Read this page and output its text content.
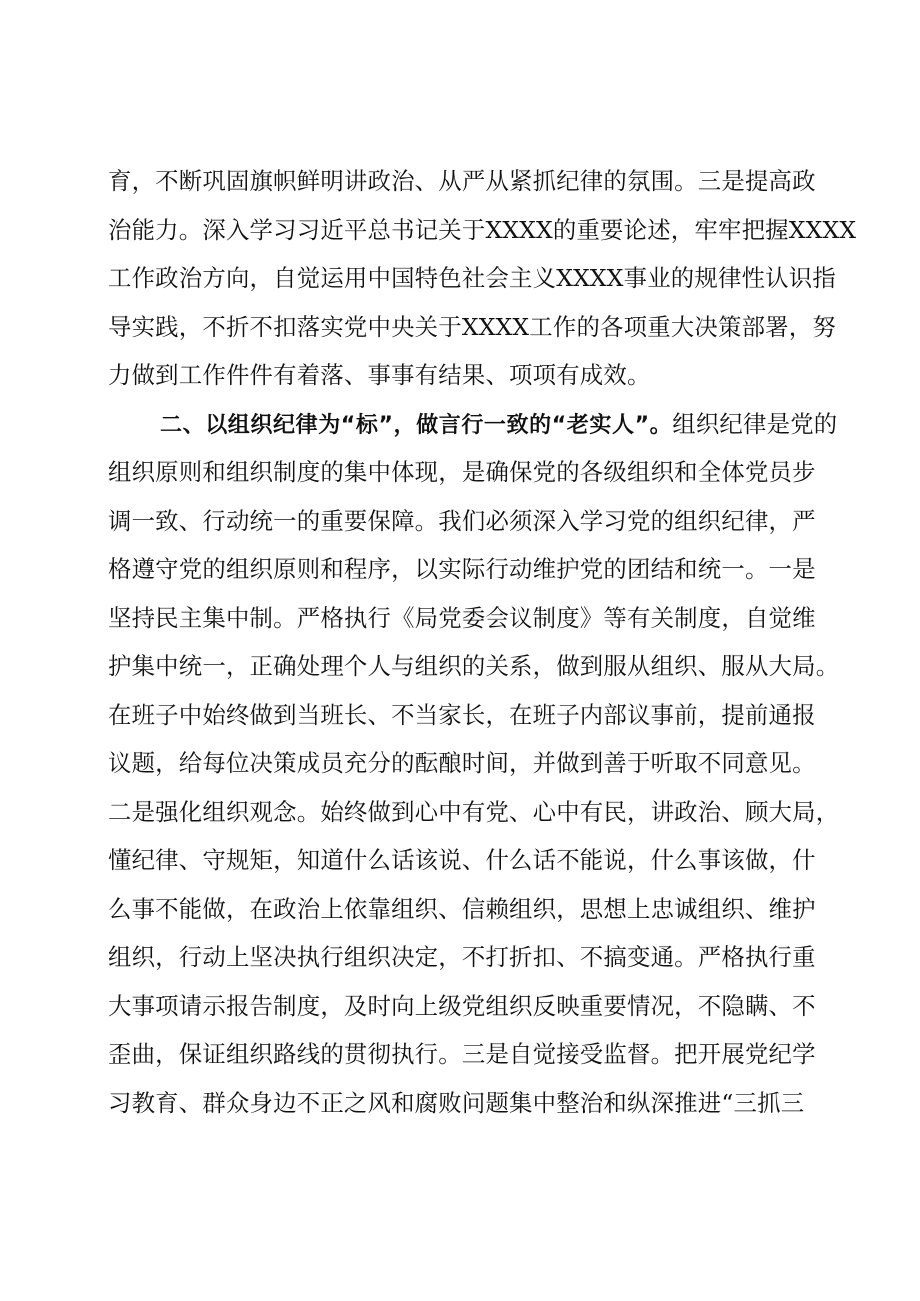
育，不断巩固旗帜鲜明讲政治、从严从紧抓纪律的氛围。三是提高政
治能力。深入学习习近平总书记关于XXXX的重要论述，牢牢把握XXXX
工作政治方向，自觉运用中国特色社会主义XXXX事业的规律性认识指
导实践，不折不扣落实党中央关于XXXX工作的各项重大决策部署，努
力做到工作件件有着落、事事有结果、项项有成效。
二、以组织纪律为“标”，做言行一致的“老实人”。组织纪律是党的
组织原则和组织制度的集中体现，是确保党的各级组织和全体党员步
调一致、行动统一的重要保障。我们必须深入学习党的组织纪律，严
格遵守党的组织原则和程序，以实际行动维护党的团结和统一。一是
坚持民主集中制。严格执行《局党委会议制度》等有关制度，自觉维
护集中统一，正确处理个人与组织的关系，做到服从组织、服从大局。
在班子中始终做到当班长、不当家长，在班子内部议事前，提前通报
议题，给每位决策成员充分的酝酿时间，并做到善于听取不同意见。
二是强化组织观念。始终做到心中有党、心中有民，讲政治、顾大局，
懂纪律、守规矩，知道什么话该说、什么话不能说，什么事该做，什
么事不能做，在政治上依靠组织、信赖组织，思想上忠诚组织、维护
组织，行动上坚决执行组织决定，不打折扣、不搞变通。严格执行重
大事项请示报告制度，及时向上级党组织反映重要情况，不隐瞒、不
歪曲，保证组织路线的贯彻执行。三是自觉接受监督。把开展党纪学
习教育、群众身边不正之风和腐败问题集中整治和纵深推进“三抓三
